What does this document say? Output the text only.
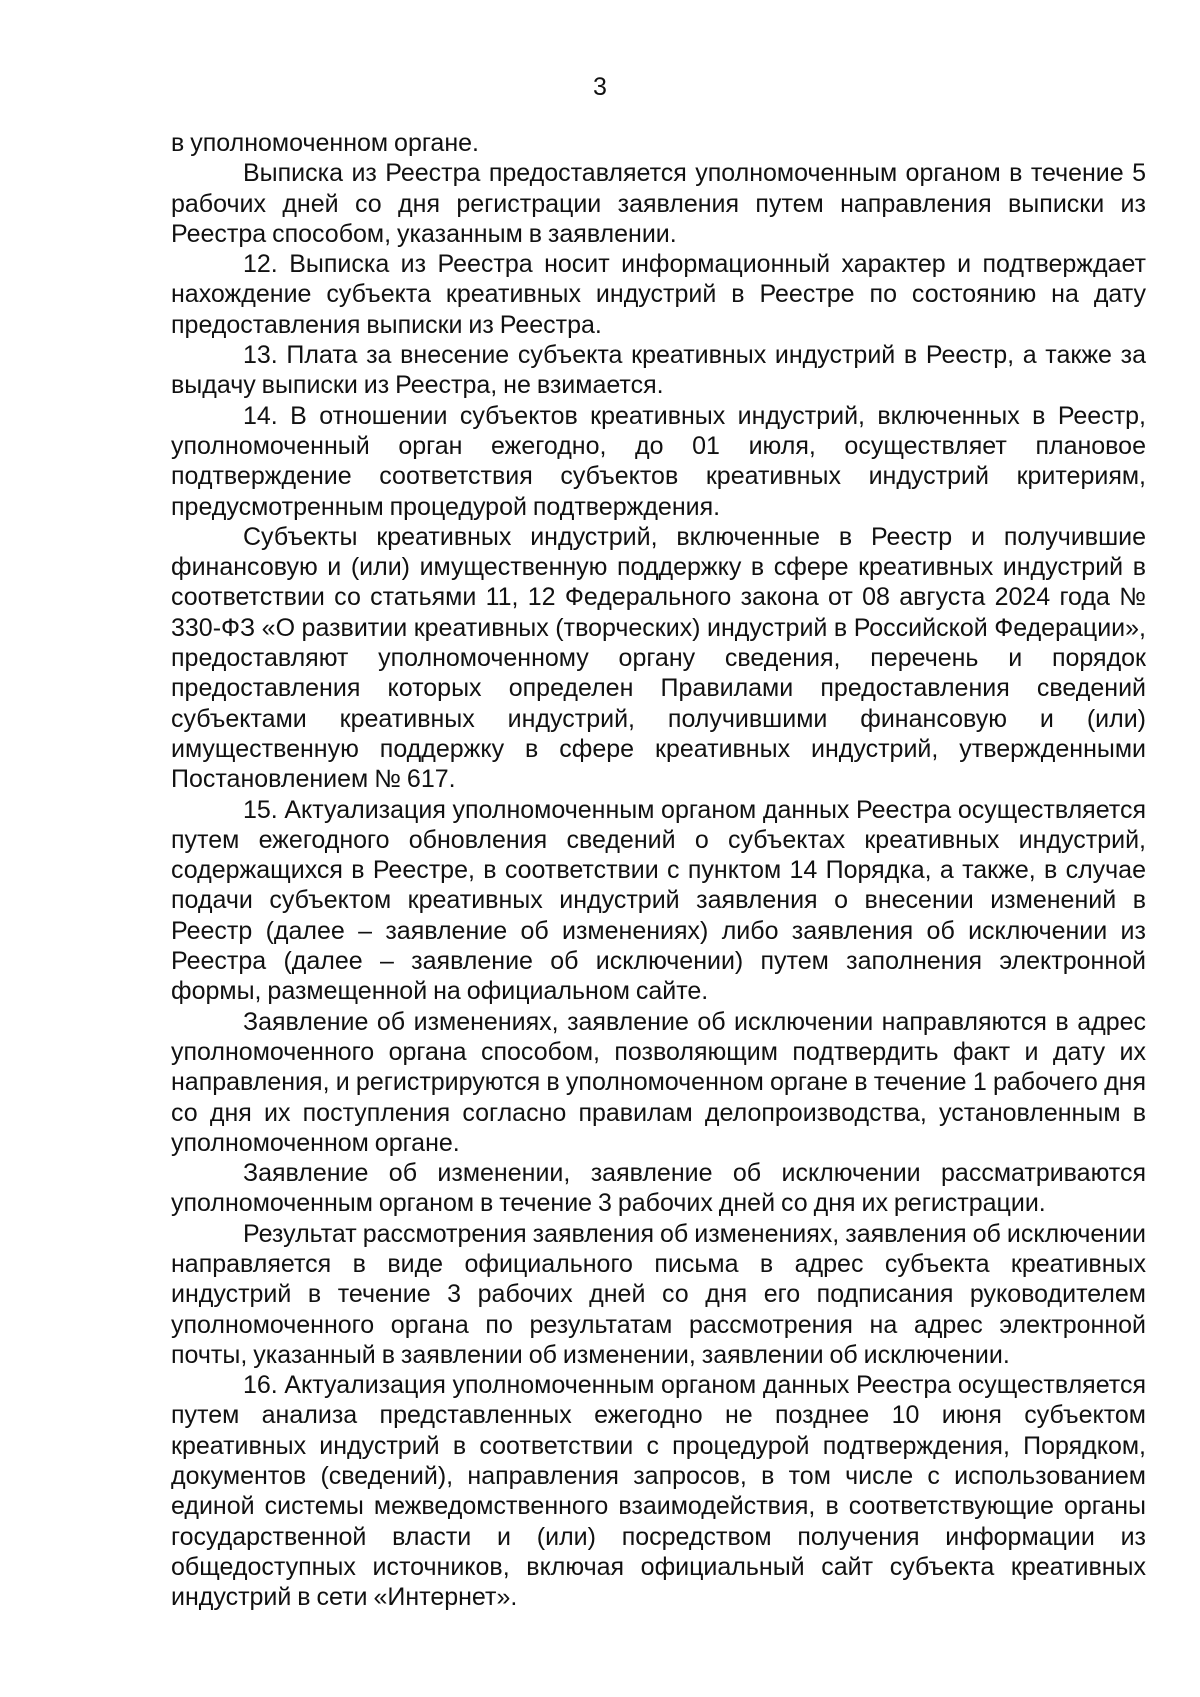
3

в уполномоченном органе.

Выписка из Реестра предоставляется уполномоченным органом в течение 5 рабочих дней со дня регистрации заявления путем направления выписки из Реестра способом, указанным в заявлении.

12. Выписка из Реестра носит информационный характер и подтверждает нахождение субъекта креативных индустрий в Реестре по состоянию на дату предоставления выписки из Реестра.

13. Плата за внесение субъекта креативных индустрий в Реестр, а также за выдачу выписки из Реестра, не взимается.

14. В отношении субъектов креативных индустрий, включенных в Реестр, уполномоченный орган ежегодно, до 01 июля, осуществляет плановое подтверждение соответствия субъектов креативных индустрий критериям, предусмотренным процедурой подтверждения.

Субъекты креативных индустрий, включенные в Реестр и получившие финансовую и (или) имущественную поддержку в сфере креативных индустрий в соответствии со статьями 11, 12 Федерального закона от 08 августа 2024 года № 330-ФЗ «О развитии креативных (творческих) индустрий в Российской Федерации», предоставляют уполномоченному органу сведения, перечень и порядок предоставления которых определен Правилами предоставления сведений субъектами креативных индустрий, получившими финансовую и (или) имущественную поддержку в сфере креативных индустрий, утвержденными Постановлением № 617.

15. Актуализация уполномоченным органом данных Реестра осуществляется путем ежегодного обновления сведений о субъектах креативных индустрий, содержащихся в Реестре, в соответствии с пунктом 14 Порядка, а также, в случае подачи субъектом креативных индустрий заявления о внесении изменений в Реестр (далее – заявление об изменениях) либо заявления об исключении из Реестра (далее – заявление об исключении) путем заполнения электронной формы, размещенной на официальном сайте.

Заявление об изменениях, заявление об исключении направляются в адрес уполномоченного органа способом, позволяющим подтвердить факт и дату их направления, и регистрируются в уполномоченном органе в течение 1 рабочего дня со дня их поступления согласно правилам делопроизводства, установленным в уполномоченном органе.

Заявление об изменении, заявление об исключении рассматриваются уполномоченным органом в течение 3 рабочих дней со дня их регистрации.

Результат рассмотрения заявления об изменениях, заявления об исключении направляется в виде официального письма в адрес субъекта креативных индустрий в течение 3 рабочих дней со дня его подписания руководителем уполномоченного органа по результатам рассмотрения на адрес электронной почты, указанный в заявлении об изменении, заявлении об исключении.

16. Актуализация уполномоченным органом данных Реестра осуществляется путем анализа представленных ежегодно не позднее 10 июня субъектом креативных индустрий в соответствии с процедурой подтверждения, Порядком, документов (сведений), направления запросов, в том числе с использованием единой системы межведомственного взаимодействия, в соответствующие органы государственной власти и (или) посредством получения информации из общедоступных источников, включая официальный сайт субъекта креативных индустрий в сети «Интернет».
